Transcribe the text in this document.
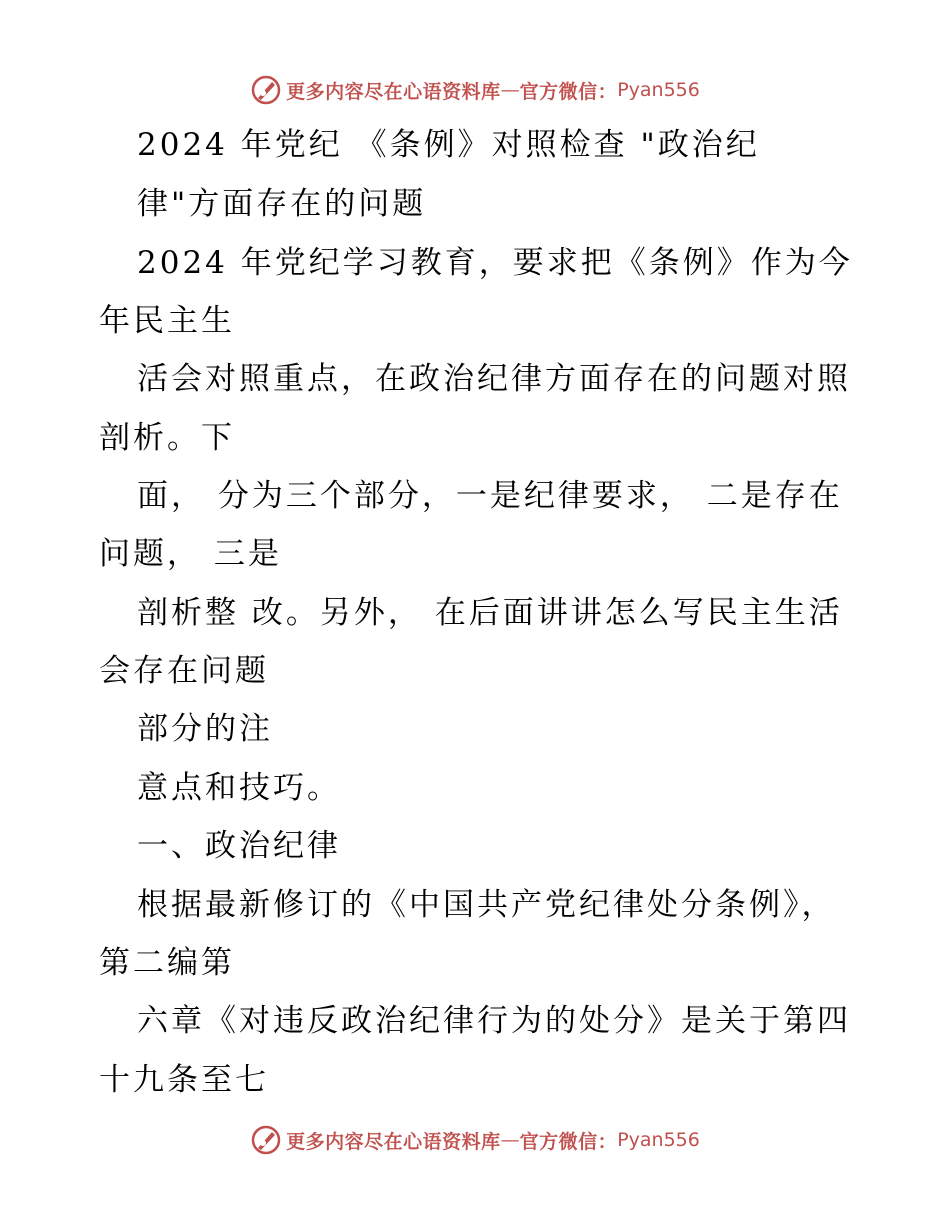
更多内容尽在心语资料库 — 官方微信： Pyan556
2024 年党纪 《条例》对照检查 "政治纪
律"方面存在的问题
2024 年党纪学习教育，要求把《条例》作为今
年民主生
活会对照重点，在政治纪律方面存在的问题对照
剖析。下
面， 分为三个部分，一是纪律要求， 二是存在
问题， 三是
剖析整 改。另外， 在后面讲讲怎么写民主生活
会存在问题
部分的注
意点和技巧。
一、政治纪律
根据最新修订的《中国共产党纪律处分条例》，
第二编第
六章《对违反政治纪律行为的处分》是关于第四
十九条至七
更多内容尽在心语资料库 — 官方微信： Pyan556
